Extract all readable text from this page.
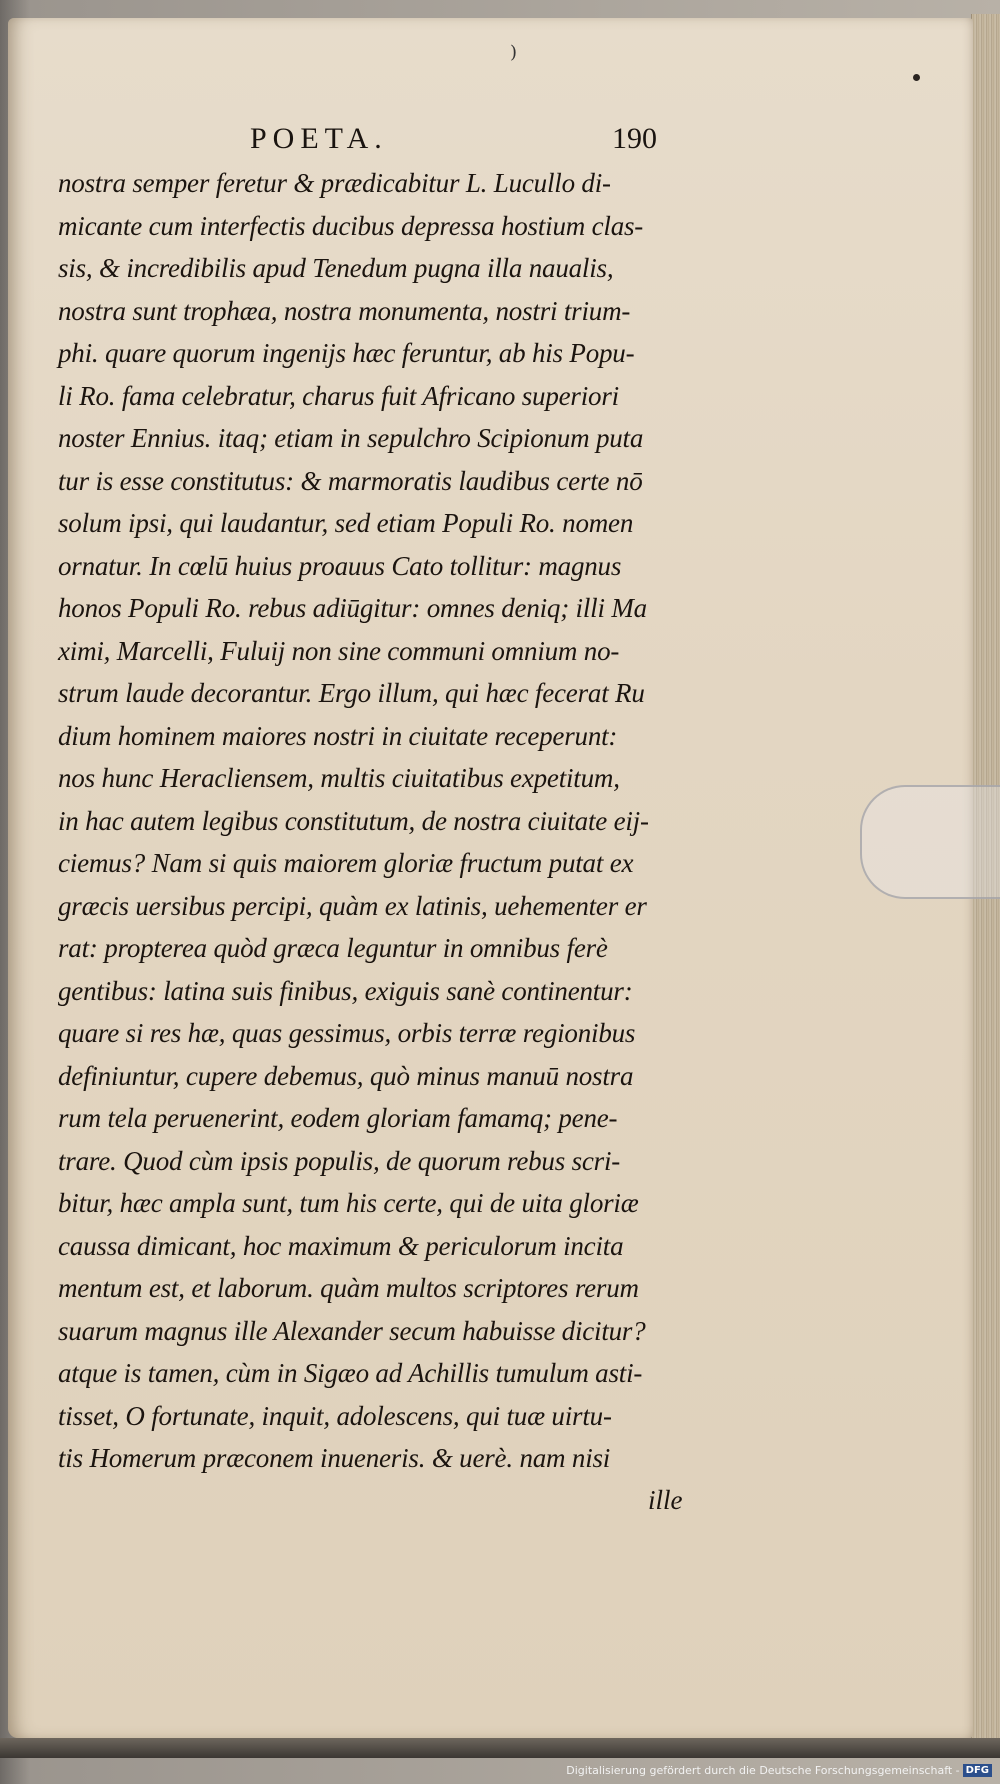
)
POETA.	190
nostra semper feretur & prædicabitur L. Lucullo di-
micante cum interfectis ducibus depressa hostium clas-
sis, & incredibilis apud Tenedum pugna illa naualis,
nostra sunt trophæa, nostra monumenta, nostri trium-
phi. quare quorum ingenijs hæc feruntur, ab his Popu-
li Ro. fama celebratur, charus fuit Africano superiori
noster Ennius. itaq; etiam in sepulchro Scipionum puta
tur is esse constitutus: & marmoratis laudibus certe nō
solum ipsi, qui laudantur, sed etiam Populi Ro. nomen
ornatur. In cœlū huius proauus Cato tollitur: magnus
honos Populi Ro. rebus adiūgitur: omnes deniq; illi Ma
ximi, Marcelli, Fuluij non sine communi omnium no-
strum laude decorantur. Ergo illum, qui hæc fecerat Ru
dium hominem maiores nostri in ciuitate receperunt:
nos hunc Heracliensem, multis ciuitatibus expetitum,
in hac autem legibus constitutum, de nostra ciuitate eij-
ciemus? Nam si quis maiorem gloriæ fructum putat ex
græcis uersibus percipi, quàm ex latinis, uehementer er
rat: propterea quòd græca leguntur in omnibus ferè
gentibus: latina suis finibus, exiguis sanè continentur:
quare si res hæ, quas gessimus, orbis terræ regionibus
definiuntur, cupere debemus, quò minus manuū nostra
rum tela peruenerint, eodem gloriam famamq; pene-
trare. Quod cùm ipsis populis, de quorum rebus scri-
bitur, hæc ampla sunt, tum his certe, qui de uita gloriæ
caussa dimicant, hoc maximum & periculorum incita
mentum est, et laborum. quàm multos scriptores rerum
suarum magnus ille Alexander secum habuisse dicitur?
atque is tamen, cùm in Sigæo ad Achillis tumulum asti-
tisset, O fortunate, inquit, adolescens, qui tuæ uirtu-
tis Homerum præconem inueneris. & uerè. nam nisi
ille
Digitalisierung gefördert durch die Deutsche Forschungsgemeinschaft - DFG
